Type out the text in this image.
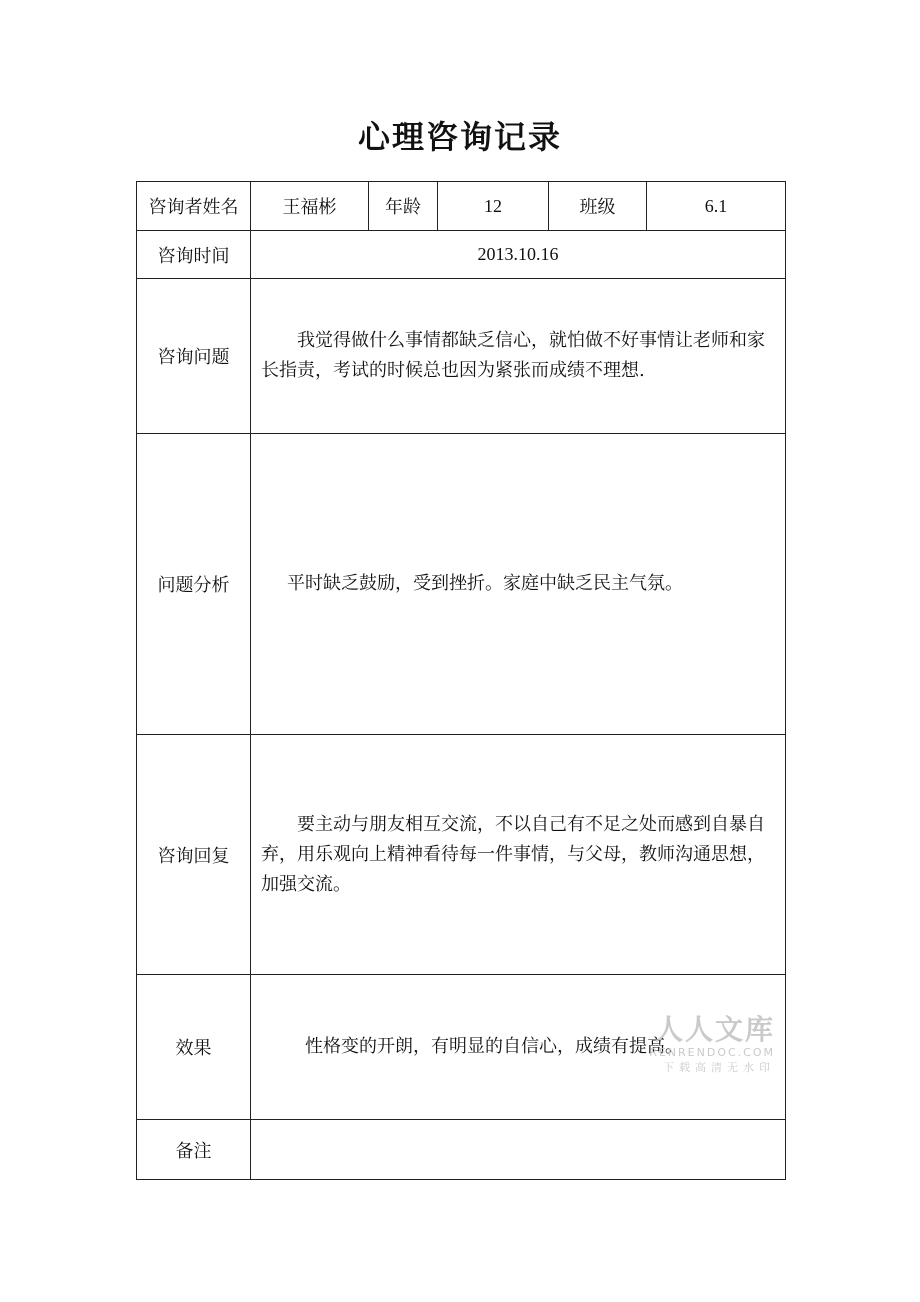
心理咨询记录
咨询者姓名	王福彬	年龄	12	班级	6.1
咨询时间	2013.10.16				
咨询问题	我觉得做什么事情都缺乏信心，就怕做不好事情让老师和家长指责，考试的时候总也因为紧张而成绩不理想.				
问题分析	平时缺乏鼓励，受到挫折。家庭中缺乏民主气氛。				
咨询回复	要主动与朋友相互交流，不以自己有不足之处而感到自暴自弃，用乐观向上精神看待每一件事情，与父母，教师沟通思想，加强交流。				
效果	性格变的开朗，有明显的自信心，成绩有提高。				
备注					
人人文库
RENRENDOC.COM
下载高清无水印
